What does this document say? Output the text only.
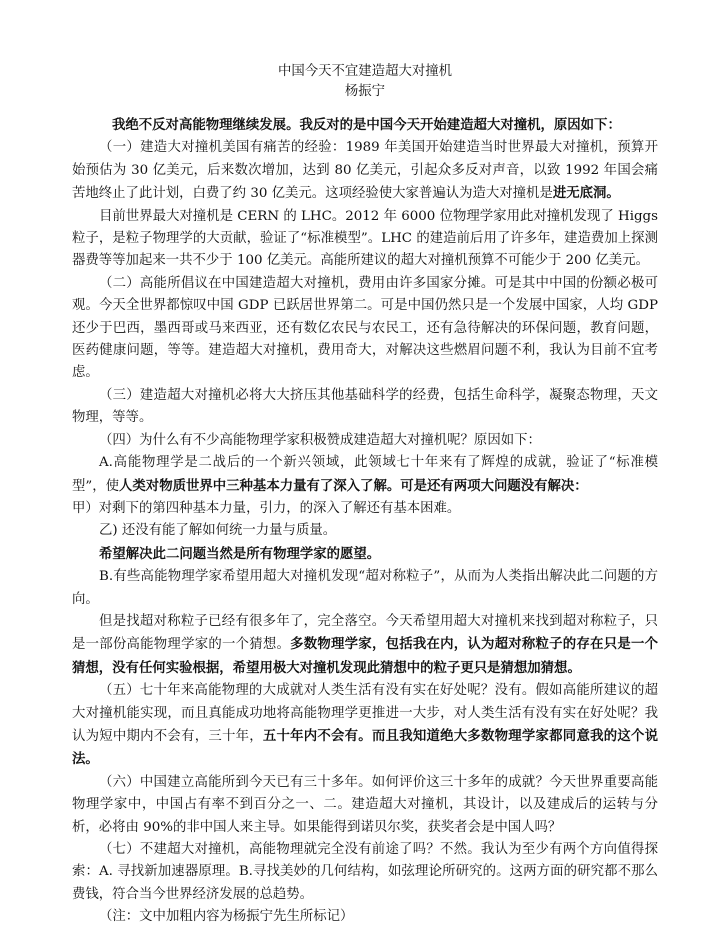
中国今天不宜建造超大对撞机
杨振宁

我绝不反对高能物理继续发展。我反对的是中国今天开始建造超大对撞机，原因如下：

（一）建造大对撞机美国有痛苦的经验：1989 年美国开始建造当时世界最大对撞机，预算开始预估为 30 亿美元，后来数次增加，达到 80 亿美元，引起众多反对声音，以致 1992 年国会痛苦地终止了此计划，白费了约 30 亿美元。这项经验使大家普遍认为造大对撞机是进无底洞。

目前世界最大对撞机是 CERN 的 LHC。2012 年 6000 位物理学家用此对撞机发现了 Higgs 粒子，是粒子物理学的大贡献，验证了“标准模型”。LHC 的建造前后用了许多年，建造费加上探测器费等等加起来一共不少于 100 亿美元。高能所建议的超大对撞机预算不可能少于 200 亿美元。

（二）高能所倡议在中国建造超大对撞机，费用由许多国家分摊。可是其中中国的份额必极可观。今天全世界都惊叹中国 GDP 已跃居世界第二。可是中国仍然只是一个发展中国家，人均 GDP 还少于巴西，墨西哥或马来西亚，还有数亿农民与农民工，还有急待解决的环保问题，教育问题，医药健康问题，等等。建造超大对撞机，费用奇大，对解决这些燃眉问题不利，我认为目前不宜考虑。

（三）建造超大对撞机必将大大挤压其他基础科学的经费，包括生命科学，凝聚态物理，天文物理，等等。

（四）为什么有不少高能物理学家积极赞成建造超大对撞机呢？原因如下：

A.高能物理学是二战后的一个新兴领域，此领域七十年来有了辉煌的成就，验证了“标准模型”，使人类对物质世界中三种基本力量有了深入了解。可是还有两项大问题没有解决：

甲）对剩下的第四种基本力量，引力，的深入了解还有基本困难。

乙) 还没有能了解如何统一力量与质量。

希望解决此二问题当然是所有物理学家的愿望。

B.有些高能物理学家希望用超大对撞机发现“超对称粒子”，从而为人类指出解决此二问题的方向。

但是找超对称粒子已经有很多年了，完全落空。今天希望用超大对撞机来找到超对称粒子，只是一部份高能物理学家的一个猜想。多数物理学家，包括我在内，认为超对称粒子的存在只是一个猜想，没有任何实验根据，希望用极大对撞机发现此猜想中的粒子更只是猜想加猜想。

（五）七十年来高能物理的大成就对人类生活有没有实在好处呢？没有。假如高能所建议的超大对撞机能实现，而且真能成功地将高能物理学更推进一大步，对人类生活有没有实在好处呢？我认为短中期内不会有，三十年，五十年内不会有。而且我知道绝大多数物理学家都同意我的这个说法。

（六）中国建立高能所到今天已有三十多年。如何评价这三十多年的成就？今天世界重要高能物理学家中，中国占有率不到百分之一、二。建造超大对撞机，其设计，以及建成后的运转与分析，必将由 90%的非中国人来主导。如果能得到诺贝尔奖，获奖者会是中国人吗？

（七）不建超大对撞机，高能物理就完全没有前途了吗？不然。我认为至少有两个方向值得探索：A. 寻找新加速器原理。B.寻找美妙的几何结构，如弦理论所研究的。这两方面的研究都不那么费钱，符合当今世界经济发展的总趋势。

（注：文中加粗内容为杨振宁先生所标记）
